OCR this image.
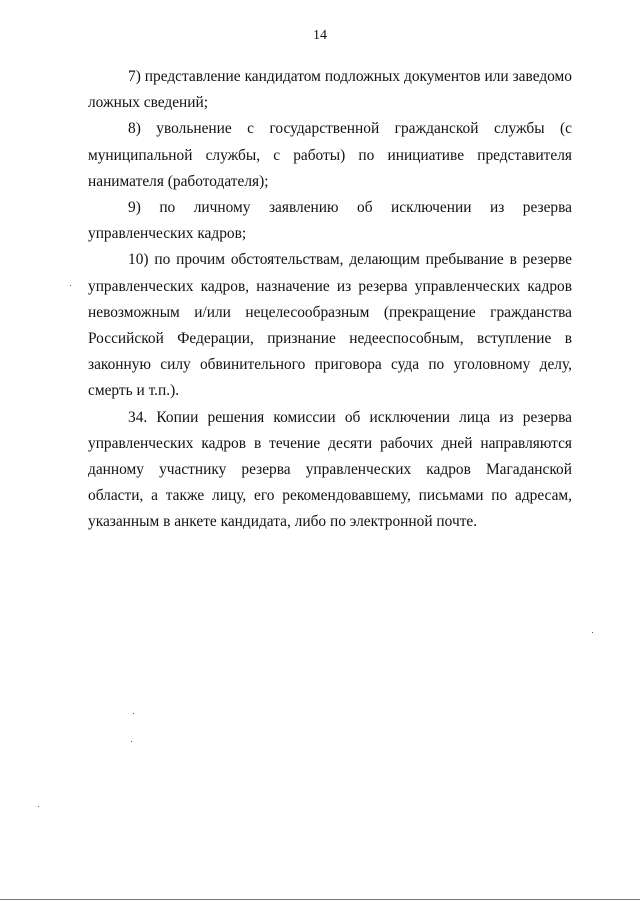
14

7) представление кандидатом подложных документов или заведомо ложных сведений;

8) увольнение с государственной гражданской службы (с муниципальной службы, с работы) по инициативе представителя нанимателя (работодателя);

9) по личному заявлению об исключении из резерва управленческих кадров;

10) по прочим обстоятельствам, делающим пребывание в резерве управленческих кадров, назначение из резерва управленческих кадров невозможным и/или нецелесообразным (прекращение гражданства Российской Федерации, признание недееспособным, вступление в законную силу обвинительного приговора суда по уголовному делу, смерть и т.п.).

34. Копии решения комиссии об исключении лица из резерва управленческих кадров в течение десяти рабочих дней направляются данному участнику резерва управленческих кадров Магаданской области, а также лицу, его рекомендовавшему, письмами по адресам, указанным в анкете кандидата, либо по электронной почте.
